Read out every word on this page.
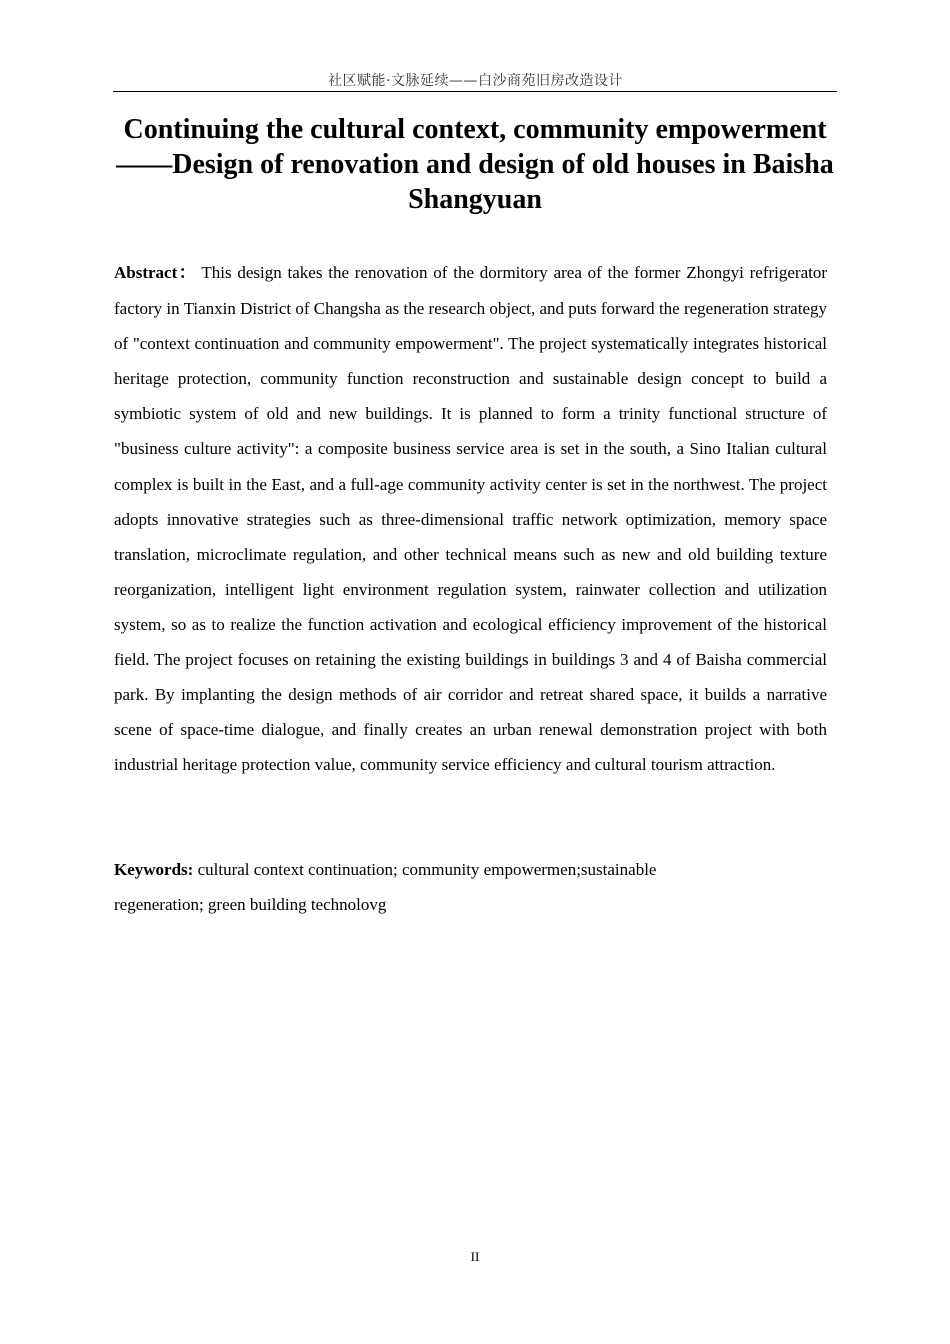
社区赋能·文脉延续——白沙商苑旧房改造设计
Continuing the cultural context, community empowerment——Design of renovation and design of old houses in Baisha Shangyuan

Abstract： This design takes the renovation of the dormitory area of the former Zhongyi refrigerator factory in Tianxin District of Changsha as the research object, and puts forward the regeneration strategy of "context continuation and community empowerment". The project systematically integrates historical heritage protection, community function reconstruction and sustainable design concept to build a symbiotic system of old and new buildings. It is planned to form a trinity functional structure of "business culture activity": a composite business service area is set in the south, a Sino Italian cultural complex is built in the East, and a full-age community activity center is set in the northwest. The project adopts innovative strategies such as three-dimensional traffic network optimization, memory space translation, microclimate regulation, and other technical means such as new and old building texture reorganization, intelligent light environment regulation system, rainwater collection and utilization system, so as to realize the function activation and ecological efficiency improvement of the historical field. The project focuses on retaining the existing buildings in buildings 3 and 4 of Baisha commercial park. By implanting the design methods of air corridor and retreat shared space, it builds a narrative scene of space-time dialogue, and finally creates an urban renewal demonstration project with both industrial heritage protection value, community service efficiency and cultural tourism attraction.

Keywords: cultural context continuation; community empowermen;sustainable
regeneration; green building technolovg
II
